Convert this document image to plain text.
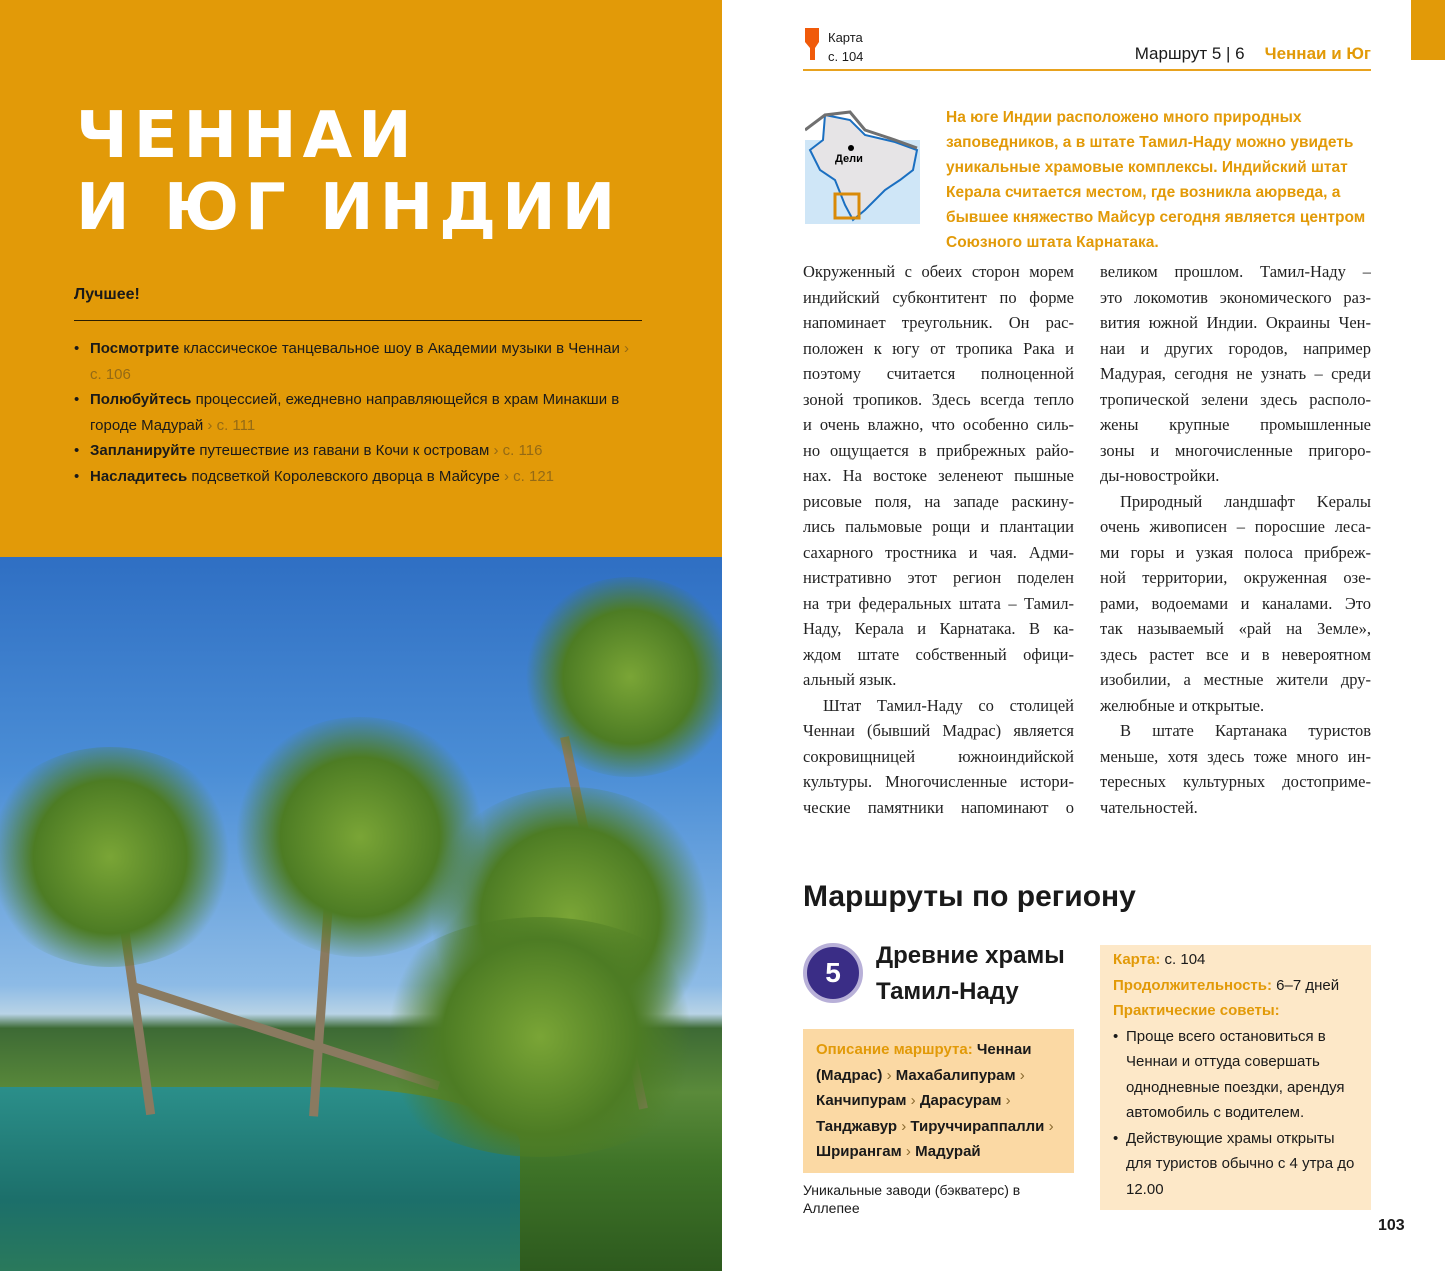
ЧЕННАИ
И ЮГ ИНДИИ
Лучшее!
• Посмотрите классическое танцевальное шоу в Академии музыки в Ченнаи › с. 106
• Полюбуйтесь процессией, ежедневно направляющейся в храм Минакши в городе Мадурай › с. 111
• Запланируйте путешествие из гавани в Кочи к островам › с. 116
• Насладитесь подсветкой Королевского дворца в Майсуре › с. 121
Карта
с. 104	Маршрут 5 | 6 Ченнаи и Юг
Дели

На юге Индии расположено много природных заповедников, а в штате Тамил-Наду можно увидеть уникальные храмовые комплексы. Индийский штат Керала считается местом, где возникла аюрведа, а бывшее княжество Майсур сегодня является центром Союзного штата Карнатака.

Окруженный с обеих сторон морем
индийский субконтитент по форме
напоминает треугольник. Он рас-
положен к югу от тропика Рака и
поэтому считается полноценной
зоной тропиков. Здесь всегда тепло
и очень влажно, что особенно силь-
но ощущается в прибрежных райо-
нах. На востоке зеленеют пышные
рисовые поля, на западе раскину-
лись пальмовые рощи и плантации
сахарного тростника и чая. Адми-
нистративно этот регион поделен
на три федеральных штата – Тамил-
Наду, Керала и Карнатака. В ка-
ждом штате собственный офици-
альный язык.
Штат Тамил-Наду со столицей
Ченнаи (бывший Мадрас) является
сокровищницей южноиндийской
культуры. Многочисленные истори-
ческие памятники напоминают о
великом прошлом. Тамил-Наду –
это локомотив экономического раз-
вития южной Индии. Окраины Чен-
наи и других городов, например
Мадурая, сегодня не узнать – среди
тропической зелени здесь располо-
жены крупные промышленные
зоны и многочисленные пригоро-
ды-новостройки.
Природный ландшафт Keралы
очень живописен – поросшие леса-
ми горы и узкая полоса прибреж-
ной территории, окруженная озе-
рами, водоемами и каналами. Это
так называемый «рай на Земле»,
здесь растет все и в невероятном
изобилии, а местные жители дру-
желюбные и открытые.
В штате Картанака туристов
меньше, хотя здесь тоже много ин-
тересных культурных достоприме-
чательностей.
Маршруты по региону
5
Древние храмы
Тамил-Наду
Описание маршрута: Ченнаи (Мадрас) › Махабалипурам › Канчипурам › Дарасурам › Танджавур › Тируччираппалли › Шрирангам › Мадурай
Уникальные заводи (бэкватерс) в Аллепее
Карта: с. 104
Продолжительность: 6–7 дней
Практические советы:
• Проще всего остановиться в Ченнаи и оттуда совершать однодневные поездки, арендуя автомобиль с водителем.
• Действующие храмы открыты для туристов обычно с 4 утра до 12.00
103
